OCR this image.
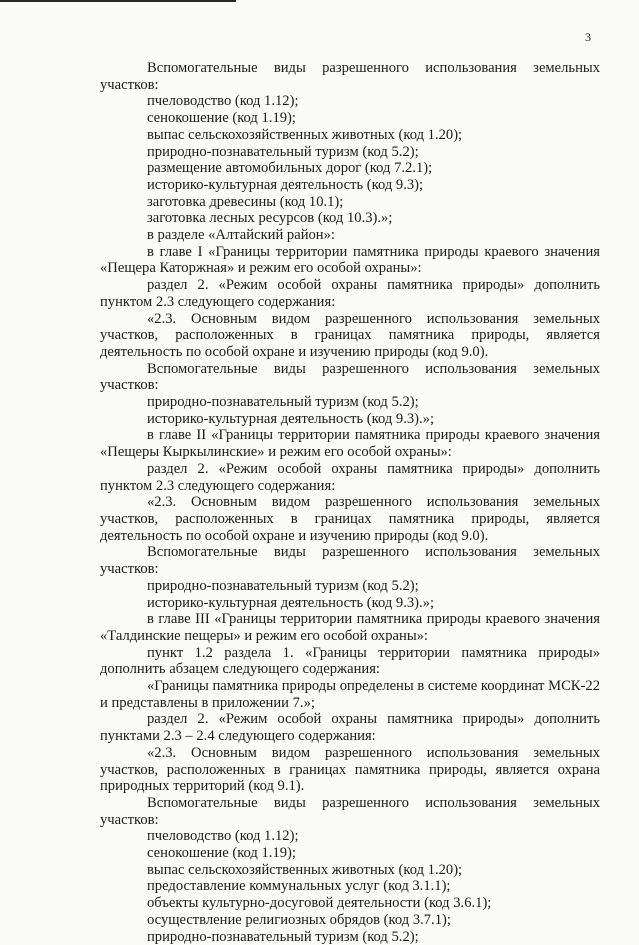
3

Вспомогательные виды разрешенного использования земельных участков:

пчеловодство (код 1.12);

сенокошение (код 1.19);

выпас сельскохозяйственных животных (код 1.20);

природно-познавательный туризм (код 5.2);

размещение автомобильных дорог (код 7.2.1);

историко-культурная деятельность (код 9.3);

заготовка древесины (код 10.1);

заготовка лесных ресурсов (код 10.3).»;

в разделе «Алтайский район»:

в главе I «Границы территории памятника природы краевого значения «Пещера Каторжная» и режим его особой охраны»:

раздел 2. «Режим особой охраны памятника природы» дополнить пунктом 2.3 следующего содержания:

«2.3. Основным видом разрешенного использования земельных участков, расположенных в границах памятника природы, является деятельность по особой охране и изучению природы (код 9.0).

Вспомогательные виды разрешенного использования земельных участков:

природно-познавательный туризм (код 5.2);

историко-культурная деятельность (код 9.3).»;

в главе II «Границы территории памятника природы краевого значения «Пещеры Кыркылинские» и режим его особой охраны»:

раздел 2. «Режим особой охраны памятника природы» дополнить пунктом 2.3 следующего содержания:

«2.3. Основным видом разрешенного использования земельных участков, расположенных в границах памятника природы, является деятельность по особой охране и изучению природы (код 9.0).

Вспомогательные виды разрешенного использования земельных участков:

природно-познавательный туризм (код 5.2);

историко-культурная деятельность (код 9.3).»;

в главе III «Границы территории памятника природы краевого значения «Талдинские пещеры» и режим его особой охраны»:

пункт 1.2 раздела 1. «Границы территории памятника природы» дополнить абзацем следующего содержания:

«Границы памятника природы определены в системе координат МСК-22 и представлены в приложении 7.»;

раздел 2. «Режим особой охраны памятника природы» дополнить пунктами 2.3 – 2.4 следующего содержания:

«2.3. Основным видом разрешенного использования земельных участков, расположенных в границах памятника природы, является охрана природных территорий (код 9.1).

Вспомогательные виды разрешенного использования земельных участков:

пчеловодство (код 1.12);

сенокошение (код 1.19);

выпас сельскохозяйственных животных (код 1.20);

предоставление коммунальных услуг (код 3.1.1);

объекты культурно-досуговой деятельности (код 3.6.1);

осуществление религиозных обрядов (код 3.7.1);

природно-познавательный туризм (код 5.2);
